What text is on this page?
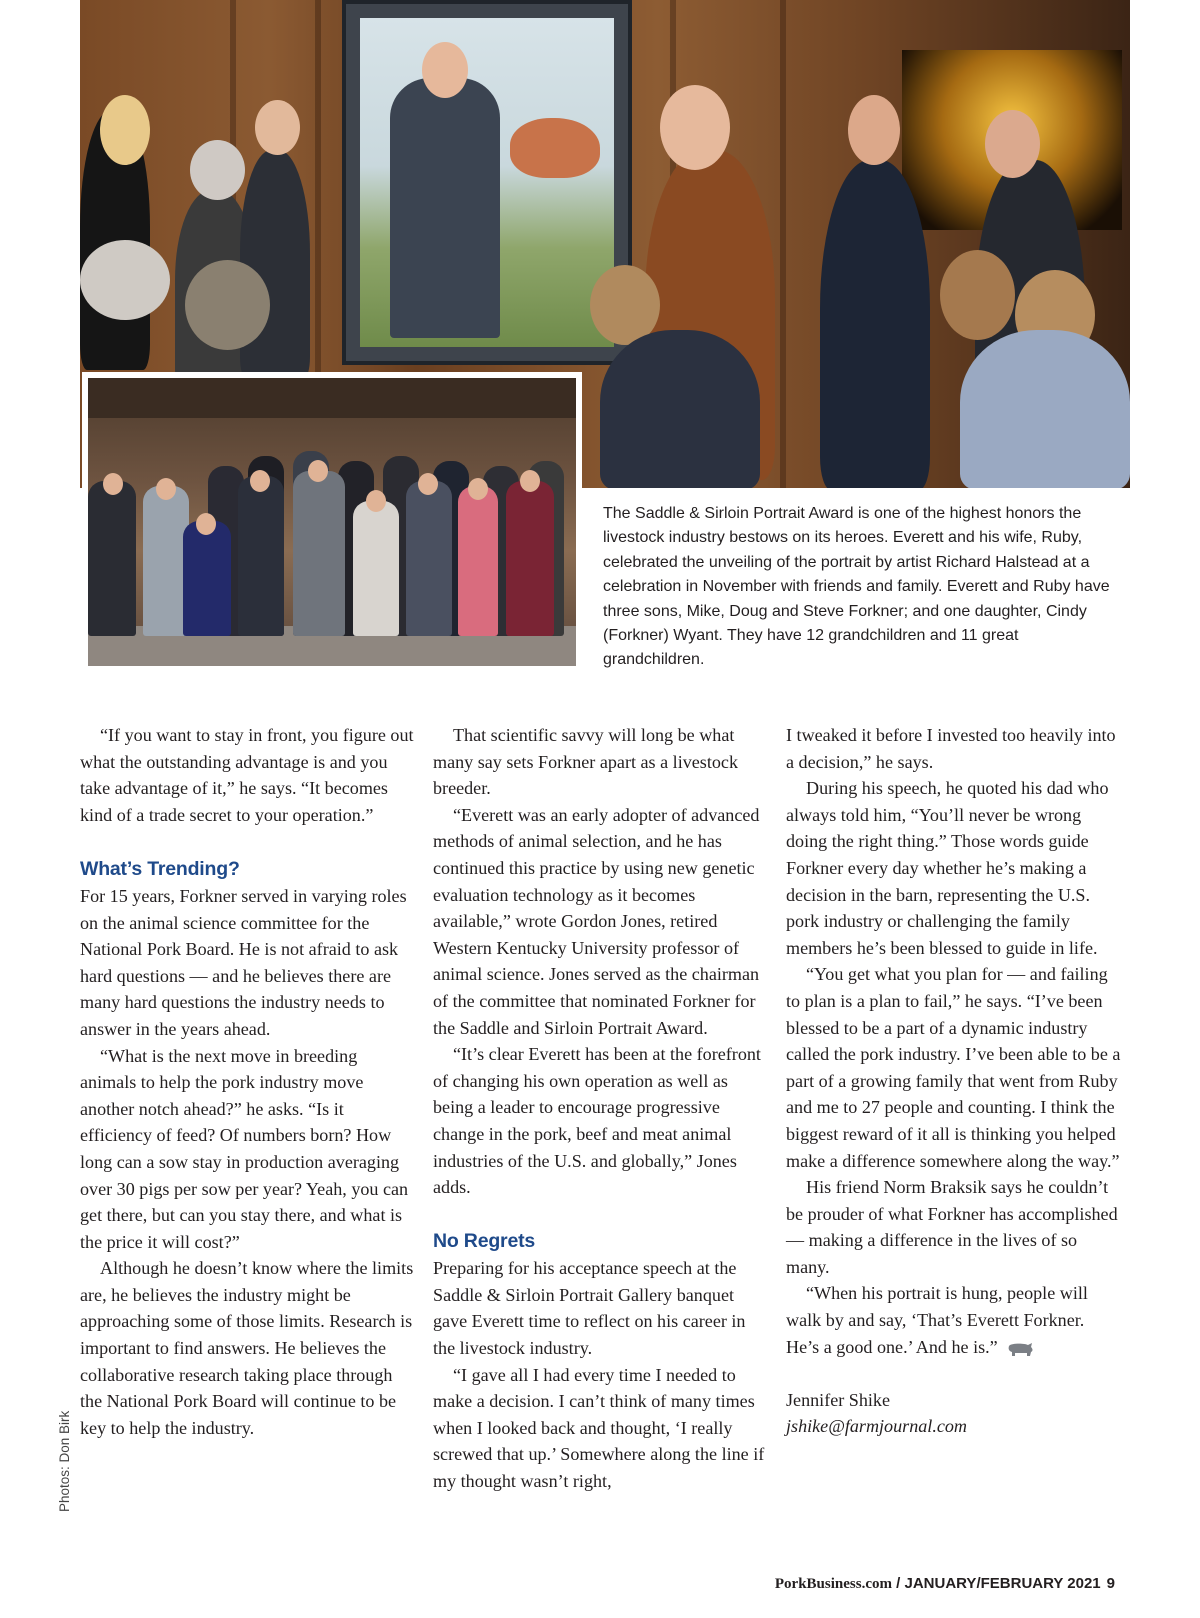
The Saddle & Sirloin Portrait Award is one of the highest honors the livestock industry bestows on its heroes. Everett and his wife, Ruby, celebrated the unveiling of the portrait by artist Richard Halstead at a celebration in November with friends and family. Everett and Ruby have three sons, Mike, Doug and Steve Forkner; and one daughter, Cindy (Forkner) Wyant. They have 12 grandchildren and 11 great grandchildren.

“If you want to stay in front, you figure out what the outstanding advantage is and you take advantage of it,” he says. “It becomes kind of a trade secret to your operation.”

What’s Trending?

For 15 years, Forkner served in varying roles on the animal science committee for the National Pork Board. He is not afraid to ask hard questions — and he believes there are many hard questions the industry needs to answer in the years ahead.

“What is the next move in breeding animals to help the pork industry move another notch ahead?” he asks. “Is it efficiency of feed? Of numbers born? How long can a sow stay in production averaging over 30 pigs per sow per year? Yeah, you can get there, but can you stay there, and what is the price it will cost?”

Although he doesn’t know where the limits are, he believes the industry might be approaching some of those limits. Research is important to find answers. He believes the collaborative research taking place through the National Pork Board will continue to be key to help the industry.

That scientific savvy will long be what many say sets Forkner apart as a livestock breeder.

“Everett was an early adopter of advanced methods of animal selection, and he has continued this practice by using new genetic evaluation technology as it becomes available,” wrote Gordon Jones, retired Western Kentucky University professor of animal science. Jones served as the chairman of the committee that nominated Forkner for the Saddle and Sirloin Portrait Award.

“It’s clear Everett has been at the forefront of changing his own operation as well as being a leader to encourage progressive change in the pork, beef and meat animal industries of the U.S. and globally,” Jones adds.

No Regrets

Preparing for his acceptance speech at the Saddle & Sirloin Portrait Gallery banquet gave Everett time to reflect on his career in the livestock industry.

“I gave all I had every time I needed to make a decision. I can’t think of many times when I looked back and thought, ‘I really screwed that up.’ Somewhere along the line if my thought wasn’t right,

I tweaked it before I invested too heavily into a decision,” he says.

During his speech, he quoted his dad who always told him, “You’ll never be wrong doing the right thing.” Those words guide Forkner every day whether he’s making a decision in the barn, representing the U.S. pork industry or challenging the family members he’s been blessed to guide in life.

“You get what you plan for — and failing to plan is a plan to fail,” he says. “I’ve been blessed to be a part of a dynamic industry called the pork industry. I’ve been able to be a part of a growing family that went from Ruby and me to 27 people and counting. I think the biggest reward of it all is thinking you helped make a difference somewhere along the way.”

His friend Norm Braksik says he couldn’t be prouder of what Forkner has accomplished — making a difference in the lives of so many.

“When his portrait is hung, people will walk by and say, ‘That’s Everett Forkner. He’s a good one.’ And he is.”

Jennifer Shike

jshike@farmjournal.com

Photos: Don Birk
PorkBusiness.com / JANUARY/FEBRUARY 2021 9
